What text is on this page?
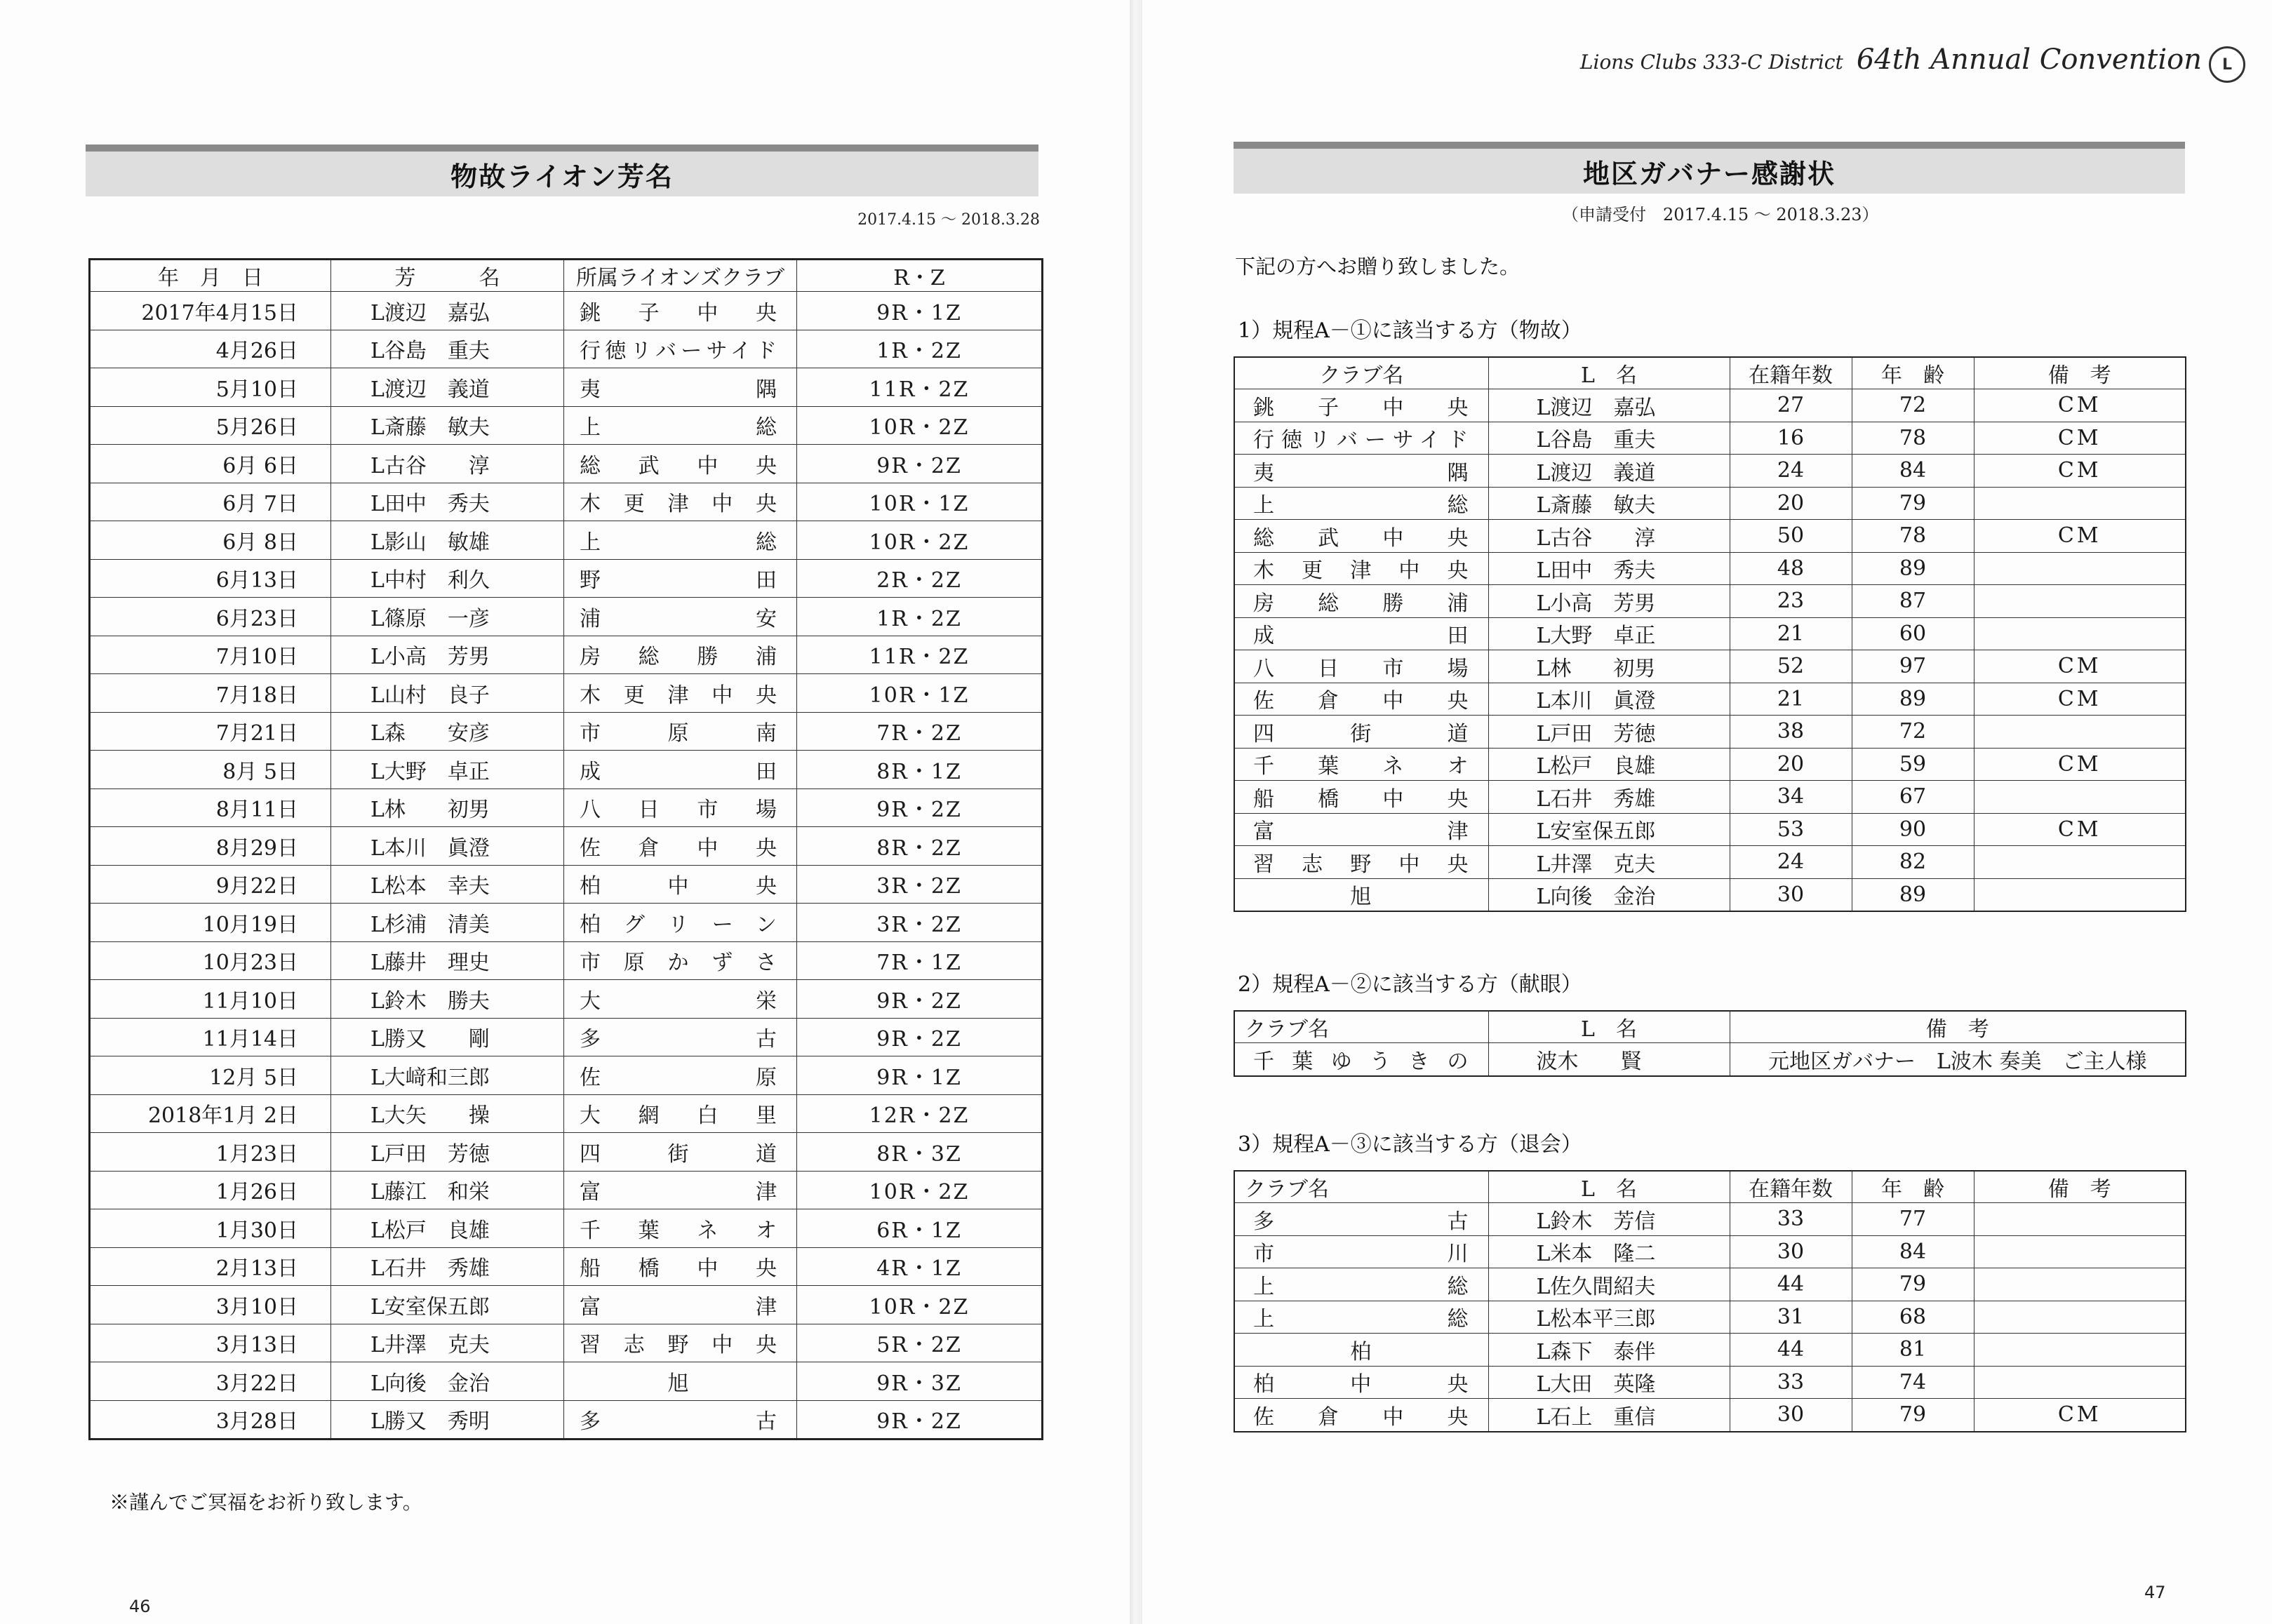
物故ライオン芳名
2017.4.15 ～ 2018.3.28
年　月　日	芳　　　名	所属ライオンズクラブ	R・Z
2017年4月15日	L渡辺　嘉弘	銚子中央	9R・1Z
4月26日	L谷島　重夫	行徳リバーサイド	1R・2Z
5月10日	L渡辺　義道	夷隅	11R・2Z
5月26日	L斎藤　敏夫	上総	10R・2Z
6月 6日	L古谷　　淳	総武中央	9R・2Z
6月 7日	L田中　秀夫	木更津中央	10R・1Z
6月 8日	L影山　敏雄	上総	10R・2Z
6月13日	L中村　利久	野田	2R・2Z
6月23日	L篠原　一彦	浦安	1R・2Z
7月10日	L小高　芳男	房総勝浦	11R・2Z
7月18日	L山村　良子	木更津中央	10R・1Z
7月21日	L森　　安彦	市原南	7R・2Z
8月 5日	L大野　卓正	成田	8R・1Z
8月11日	L林　　初男	八日市場	9R・2Z
8月29日	L本川　眞澄	佐倉中央	8R・2Z
9月22日	L松本　幸夫	柏中央	3R・2Z
10月19日	L杉浦　清美	柏グリーン	3R・2Z
10月23日	L藤井　理史	市原かずさ	7R・1Z
11月10日	L鈴木　勝夫	大栄	9R・2Z
11月14日	L勝又　　剛	多古	9R・2Z
12月 5日	L大﨑和三郎	佐原	9R・1Z
2018年1月 2日	L大矢　　操	大網白里	12R・2Z
1月23日	L戸田　芳徳	四街道	8R・3Z
1月26日	L藤江　和栄	富津	10R・2Z
1月30日	L松戸　良雄	千葉ネオ	6R・1Z
2月13日	L石井　秀雄	船橋中央	4R・1Z
3月10日	L安室保五郎	富津	10R・2Z
3月13日	L井澤　克夫	習志野中央	5R・2Z
3月22日	L向後　金治	旭	9R・3Z
3月28日	L勝又　秀明	多古	9R・2Z
※謹んでご冥福をお祈り致します。
46
Lions Clubs 333-C District 64th Annual Convention L
地区ガバナー感謝状
（申請受付　2017.4.15 ～ 2018.3.23）
下記の方へお贈り致しました。
1）規程A－①に該当する方（物故）
クラブ名	L　名	在籍年数	年　齢	備　考
銚子中央	L渡辺　嘉弘	27	72	CM
行徳リバーサイド	L谷島　重夫	16	78	CM
夷隅	L渡辺　義道	24	84	CM
上総	L斎藤　敏夫	20	79	
総武中央	L古谷　　淳	50	78	CM
木更津中央	L田中　秀夫	48	89	
房総勝浦	L小高　芳男	23	87	
成田	L大野　卓正	21	60	
八日市場	L林　　初男	52	97	CM
佐倉中央	L本川　眞澄	21	89	CM
四街道	L戸田　芳徳	38	72	
千葉ネオ	L松戸　良雄	20	59	CM
船橋中央	L石井　秀雄	34	67	
富津	L安室保五郎	53	90	CM
習志野中央	L井澤　克夫	24	82	
旭	L向後　金治	30	89	
2）規程A－②に該当する方（献眼）
クラブ名	L　名	備　考
千葉ゆうきの	波木　　賢	元地区ガバナー　L波木 奏美　ご主人様
3）規程A－③に該当する方（退会）
クラブ名	L　名	在籍年数	年　齢	備　考
多古	L鈴木　芳信	33	77	
市川	L米本　隆二	30	84	
上総	L佐久間紹夫	44	79	
上総	L松本平三郎	31	68	
柏	L森下　泰伴	44	81	
柏中央	L大田　英隆	33	74	
佐倉中央	L石上　重信	30	79	CM
47
